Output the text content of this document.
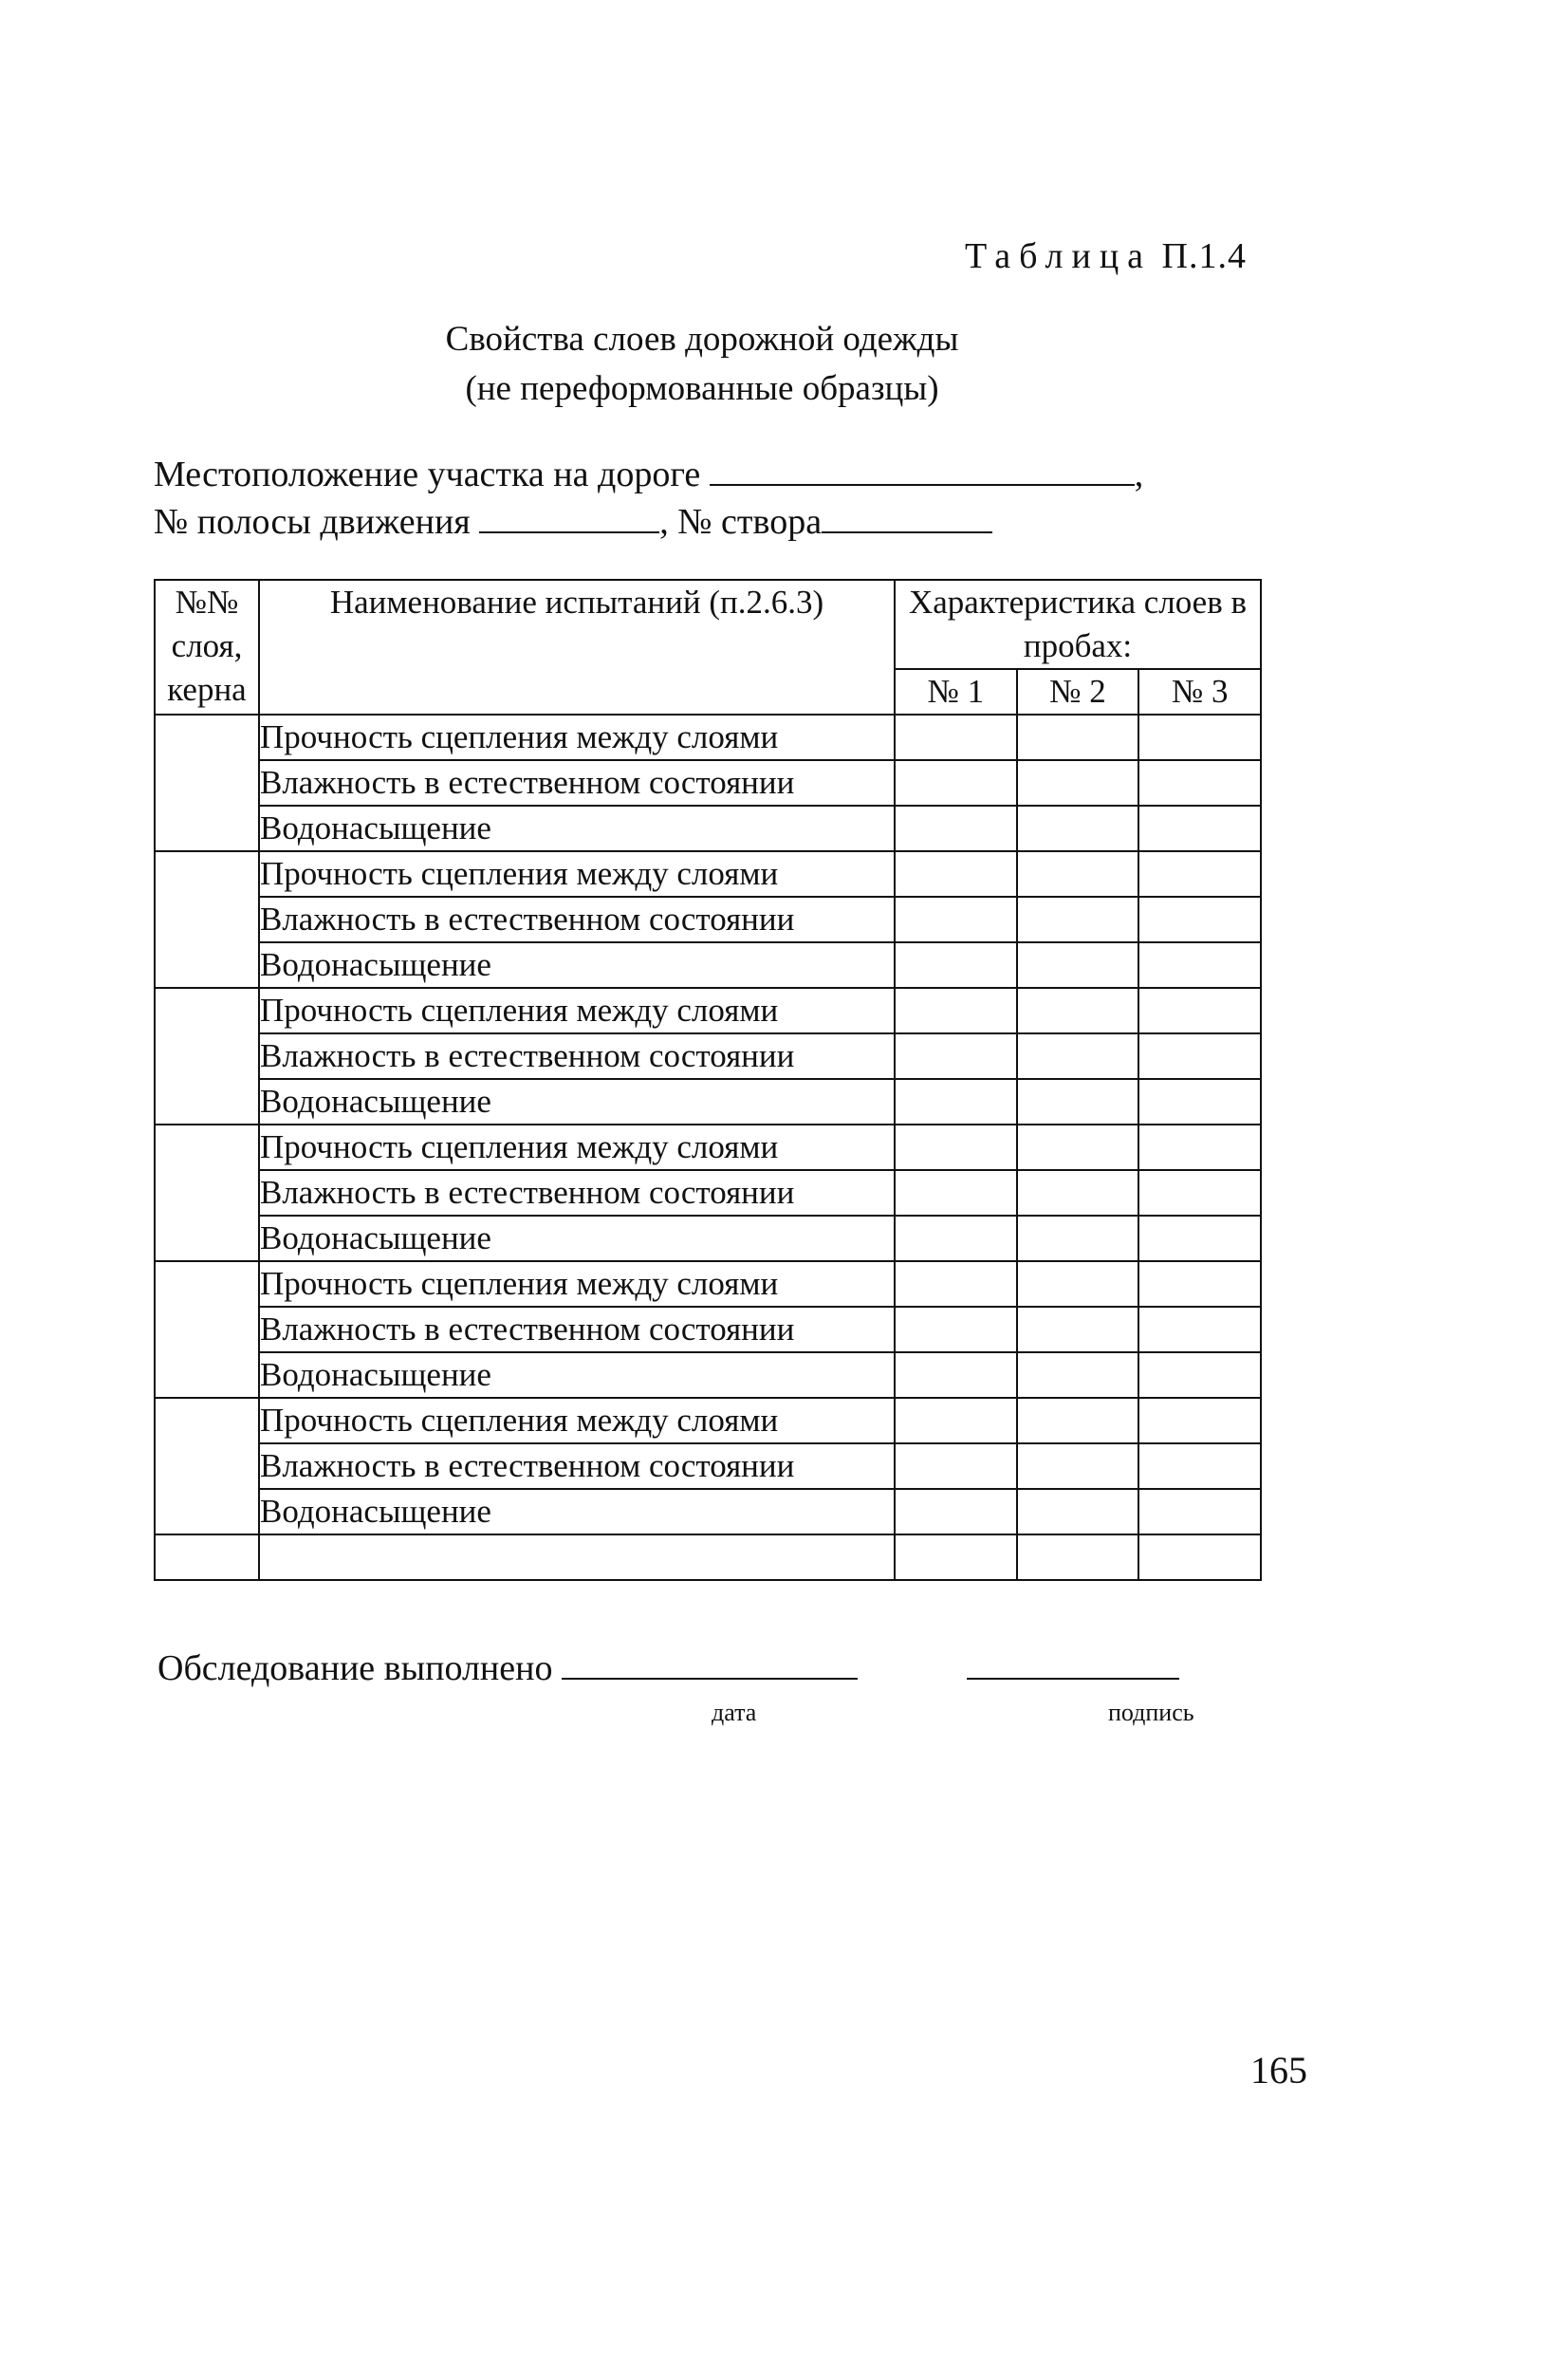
Таблица П.1.4
Свойства слоев дорожной одежды
(не переформованные образцы)
Местоположение участка на дороге	,
№ полосы движения	, № створа
№№ слоя, керна	Наименование испытаний (п.2.6.3)	Характеристика слоев в пробах:		
		№ 1	№ 2	№ 3
	Прочность сцепления между слоями			
	Влажность в естественном состоянии			
	Водонасыщение			
	Прочность сцепления между слоями			
	Влажность в естественном состоянии			
	Водонасыщение			
	Прочность сцепления между слоями			
	Влажность в естественном состоянии			
	Водонасыщение			
	Прочность сцепления между слоями			
	Влажность в естественном состоянии			
	Водонасыщение			
	Прочность сцепления между слоями			
	Влажность в естественном состоянии			
	Водонасыщение			
	Прочность сцепления между слоями			
	Влажность в естественном состоянии			
	Водонасыщение			

Обследование выполнено
дата	подпись
165
